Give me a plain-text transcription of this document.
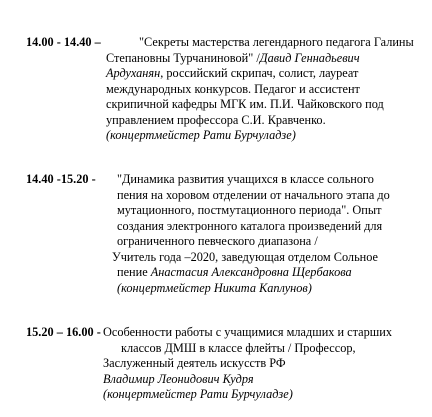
14.00 - 14.40 –	"Секреты мастерства легендарного педагога Галины
Степановны Турчаниновой" /Давид Геннадьевич
Ардуханян, российский скрипач, солист, лауреат
международных конкурсов. Педагог и ассистент
скрипичной кафедры МГК им. П.И. Чайковского под
управлением профессора С.И. Кравченко.
(концертмейстер Рати Бурчуладзе)
14.40 -15.20 -	"Динамика развития учащихся в классе сольного
пения на хоровом отделении от начального этапа до
мутационного, постмутационного периода". Опыт
создания электронного каталога произведений для
ограниченного певческого диапазона /
Учитель года –2020, заведующая отделом Сольное
пение Анастасия Александровна Щербакова
(концертмейстер Никита Каплунов)
15.20 – 16.00 - Особенности работы с учащимися младших и старших
классов ДМШ в классе флейты / Профессор,
Заслуженный деятель искусств РФ
Владимир Леонидович Кудря
(концертмейстер Рати Бурчуладзе)
